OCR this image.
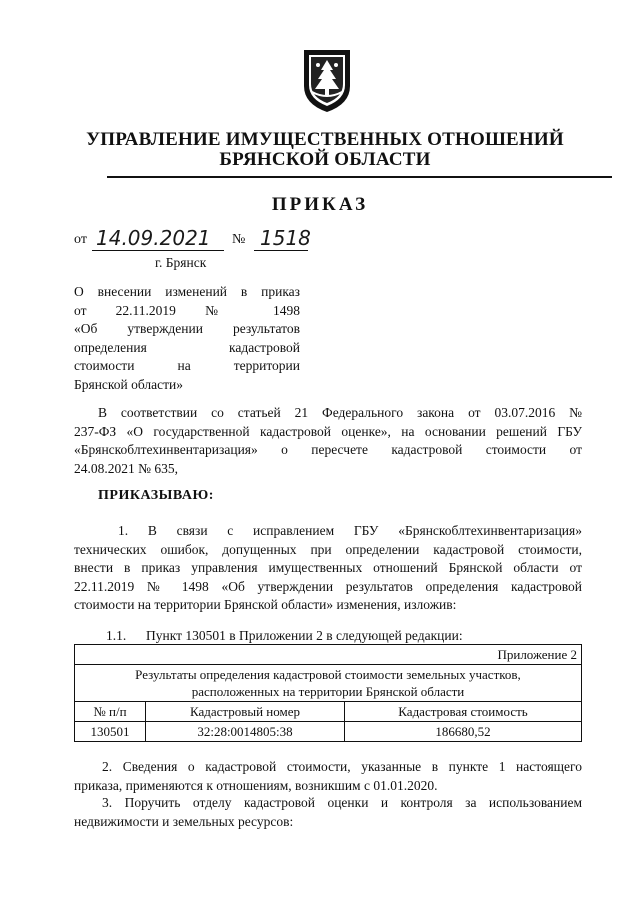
УПРАВЛЕНИЕ ИМУЩЕСТВЕННЫХ ОТНОШЕНИЙ
БРЯНСКОЙ ОБЛАСТИ
ПРИКАЗ
от 14.09.2021 № 1518
г. Брянск
О внесении изменений в приказ
от 22.11.2019 № 1498
«Об утверждении результатов
определения кадастровой
стоимости на территории
Брянской области»
В соответствии со статьей 21 Федерального закона от 03.07.2016 №
237-ФЗ «О государственной кадастровой оценке», на основании решений ГБУ
«Брянскоблтехинвентаризация» о пересчете кадастровой стоимости от
24.08.2021 № 635,
ПРИКАЗЫВАЮ:
1. В связи с исправлением ГБУ «Брянскоблтехинвентаризация»
технических ошибок, допущенных при определении кадастровой стоимости,
внести в приказ управления имущественных отношений Брянской области от
22.11.2019 № 1498 «Об утверждении результатов определения кадастровой
стоимости на территории Брянской области» изменения, изложив:
1.1. Пункт 130501 в Приложении 2 в следующей редакции:
Приложение 2		

Результаты определения кадастровой стоимости земельных участков,
расположенных на территории Брянской области		

№ п/п	Кадастровый номер	Кадастровая стоимость
130501	32:28:0014805:38	186680,52
2. Сведения о кадастровой стоимости, указанные в пункте 1 настоящего
приказа, применяются к отношениям, возникшим с 01.01.2020.
3. Поручить отделу кадастровой оценки и контроля за использованием
недвижимости и земельных ресурсов:
